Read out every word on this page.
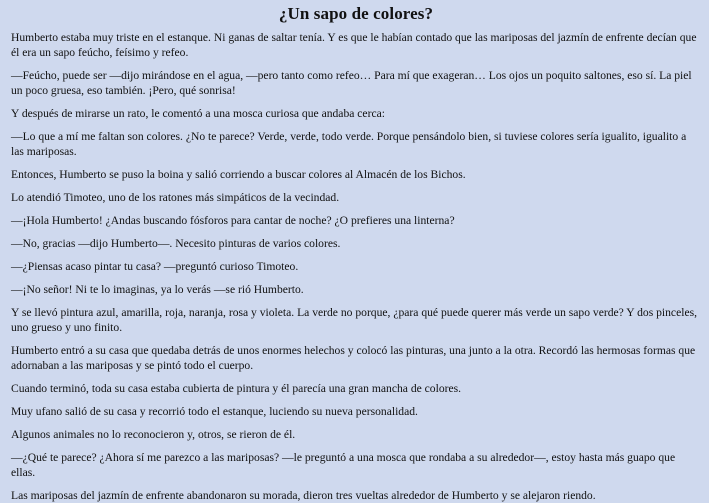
¿Un sapo de colores?

Humberto estaba muy triste en el estanque. Ni ganas de saltar tenía. Y es que le habían contado que las mariposas del jazmín de enfrente decían que él era un sapo feúcho, feísimo y refeo.

—Feúcho, puede ser —dijo mirándose en el agua, —pero tanto como refeo… Para mí que exageran… Los ojos un poquito saltones, eso sí. La piel un poco gruesa, eso también. ¡Pero, qué sonrisa!

Y después de mirarse un rato, le comentó a una mosca curiosa que andaba cerca:

—Lo que a mí me faltan son colores. ¿No te parece? Verde, verde, todo verde. Porque pensándolo bien, si tuviese colores sería igualito, igualito a las mariposas.

Entonces, Humberto se puso la boina y salió corriendo a buscar colores al Almacén de los Bichos.

Lo atendió Timoteo, uno de los ratones más simpáticos de la vecindad.

—¡Hola Humberto! ¿Andas buscando fósforos para cantar de noche? ¿O prefieres una linterna?

—No, gracias —dijo Humberto—. Necesito pinturas de varios colores.

—¿Piensas acaso pintar tu casa? —preguntó curioso Timoteo.

—¡No señor! Ni te lo imaginas, ya lo verás —se rió Humberto.

Y se llevó pintura azul, amarilla, roja, naranja, rosa y violeta. La verde no porque, ¿para qué puede querer más verde un sapo verde? Y dos pinceles, uno grueso y uno finito.

Humberto entró a su casa que quedaba detrás de unos enormes helechos y colocó las pinturas, una junto a la otra. Recordó las hermosas formas que adornaban a las mariposas y se pintó todo el cuerpo.

Cuando terminó, toda su casa estaba cubierta de pintura y él parecía una gran mancha de colores.

Muy ufano salió de su casa y recorrió todo el estanque, luciendo su nueva personalidad.

Algunos animales no lo reconocieron y, otros, se rieron de él.

—¿Qué te parece? ¿Ahora sí me parezco a las mariposas? —le preguntó a una mosca que rondaba a su alrededor—, estoy hasta más guapo que ellas.

Las mariposas del jazmín de enfrente abandonaron su morada, dieron tres vueltas alrededor de Humberto y se alejaron riendo.
